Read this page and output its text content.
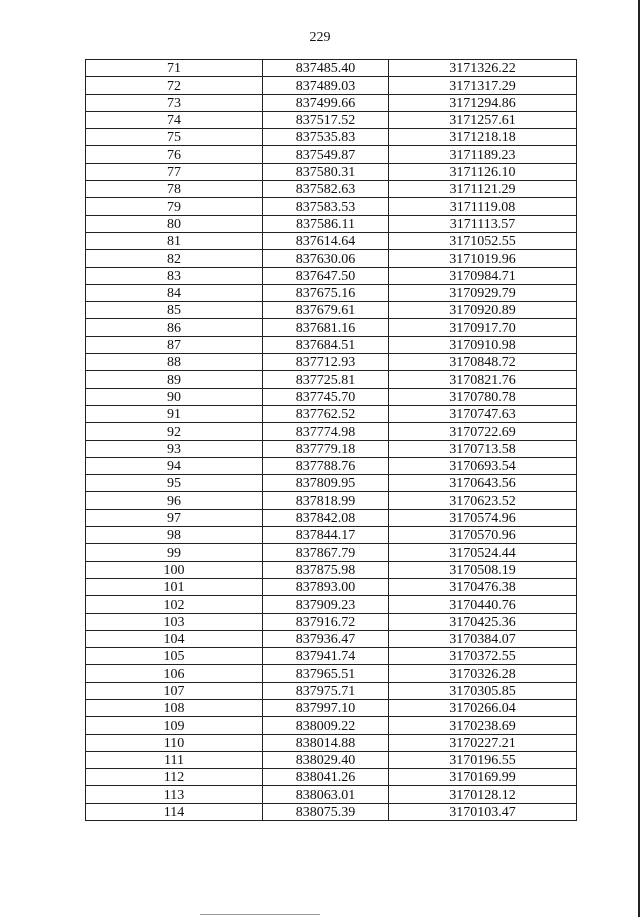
229
71	837485.40	3171326.22
72	837489.03	3171317.29
73	837499.66	3171294.86
74	837517.52	3171257.61
75	837535.83	3171218.18
76	837549.87	3171189.23
77	837580.31	3171126.10
78	837582.63	3171121.29
79	837583.53	3171119.08
80	837586.11	3171113.57
81	837614.64	3171052.55
82	837630.06	3171019.96
83	837647.50	3170984.71
84	837675.16	3170929.79
85	837679.61	3170920.89
86	837681.16	3170917.70
87	837684.51	3170910.98
88	837712.93	3170848.72
89	837725.81	3170821.76
90	837745.70	3170780.78
91	837762.52	3170747.63
92	837774.98	3170722.69
93	837779.18	3170713.58
94	837788.76	3170693.54
95	837809.95	3170643.56
96	837818.99	3170623.52
97	837842.08	3170574.96
98	837844.17	3170570.96
99	837867.79	3170524.44
100	837875.98	3170508.19
101	837893.00	3170476.38
102	837909.23	3170440.76
103	837916.72	3170425.36
104	837936.47	3170384.07
105	837941.74	3170372.55
106	837965.51	3170326.28
107	837975.71	3170305.85
108	837997.10	3170266.04
109	838009.22	3170238.69
110	838014.88	3170227.21
111	838029.40	3170196.55
112	838041.26	3170169.99
113	838063.01	3170128.12
114	838075.39	3170103.47
